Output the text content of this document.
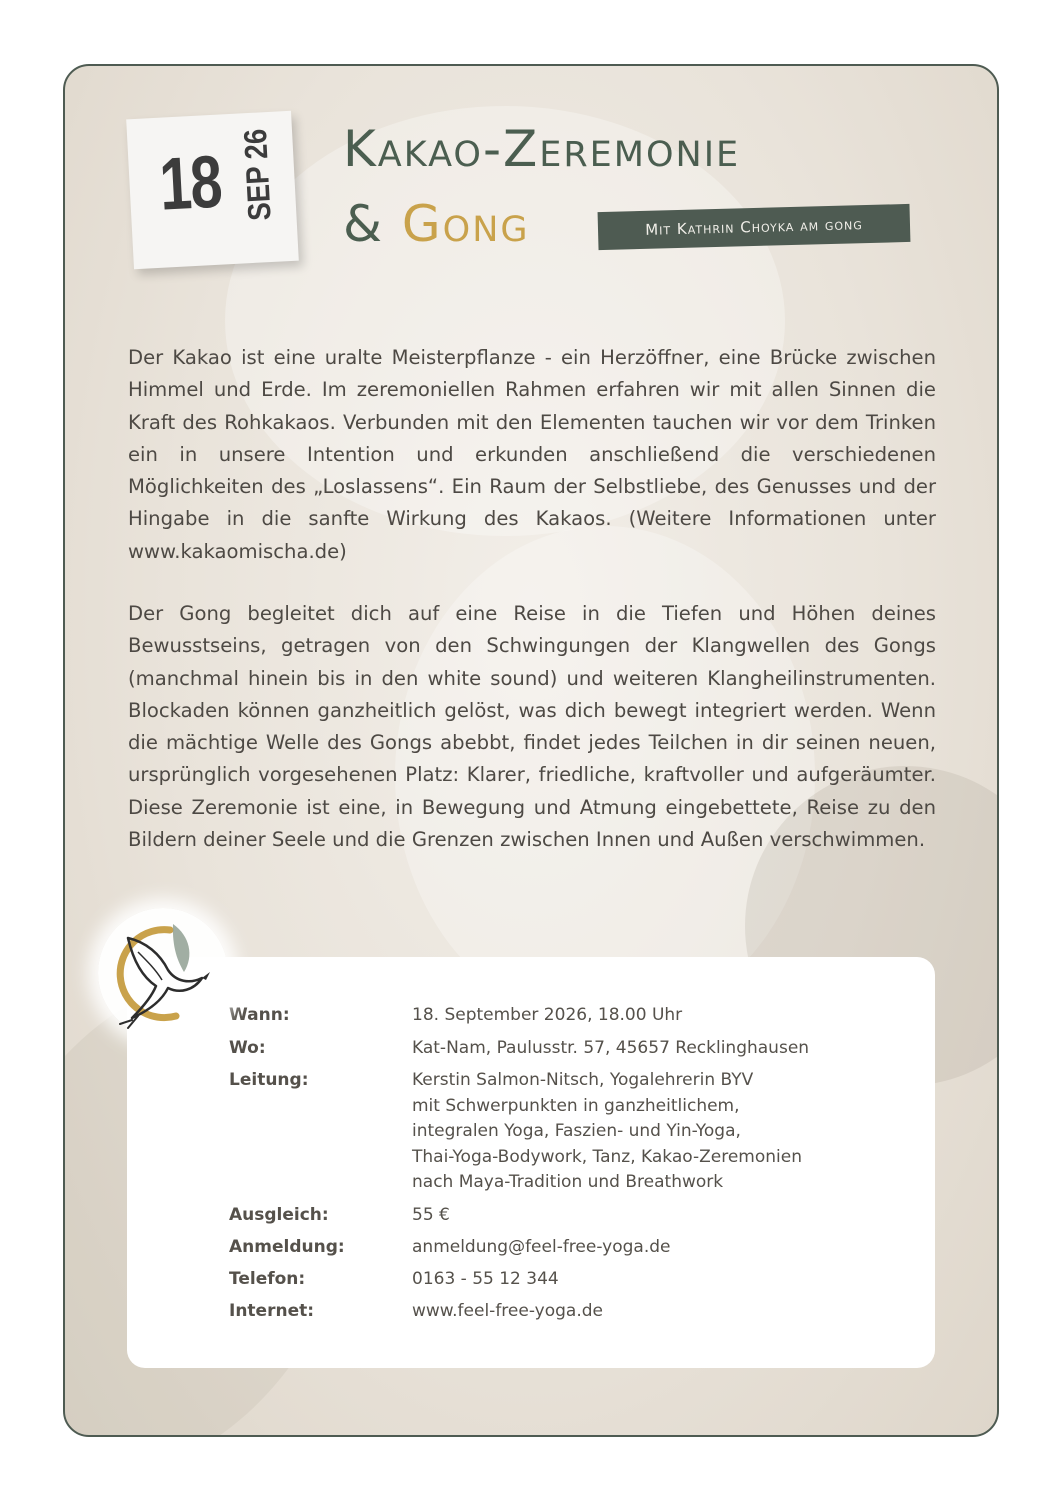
18 SEP 26 Kakao-Zeremonie
& Gong	Mit Kathrin Choyka am gong

Der Kakao ist eine uralte Meisterpflanze - ein Herzöffner, eine Brücke zwischen Himmel und Erde. Im zeremoniellen Rahmen erfahren wir mit allen Sinnen die Kraft des Rohkakaos. Verbunden mit den Elementen tauchen wir vor dem Trinken ein in unsere Intention und erkunden anschließend die verschiedenen Möglichkeiten des „Loslassens“. Ein Raum der Selbstliebe, des Genusses und der Hingabe in die sanfte Wirkung des Kakaos. (Weitere Informationen unter www.kakaomischa.de)

Der Gong begleitet dich auf eine Reise in die Tiefen und Höhen deines Bewusstseins, getragen von den Schwingungen der Klangwellen des Gongs (manchmal hinein bis in den white sound) und weiteren Klangheilinstrumenten. Blockaden können ganzheitlich gelöst, was dich bewegt integriert werden. Wenn die mächtige Welle des Gongs abebbt, findet jedes Teilchen in dir seinen neuen, ursprünglich vorgesehenen Platz: Klarer, friedliche, kraftvoller und aufgeräumter. Diese Zeremonie ist eine, in Bewegung und Atmung eingebettete, Reise zu den Bildern deiner Seele und die Grenzen zwischen Innen und Außen verschwimmen.

Wann:	18. September 2026, 18.00 Uhr
Wo:	Kat-Nam, Paulusstr. 57, 45657 Recklinghausen
Leitung:	Kerstin Salmon-Nitsch, Yogalehrerin BYV
mit Schwerpunkten in ganzheitlichem,
integralen Yoga, Faszien- und Yin-Yoga,
Thai-Yoga-Bodywork, Tanz, Kakao-Zeremonien
nach Maya-Tradition und Breathwork
Ausgleich:	55 €
Anmeldung:	anmeldung@feel-free-yoga.de
Telefon:	0163 - 55 12 344
Internet:	www.feel-free-yoga.de
